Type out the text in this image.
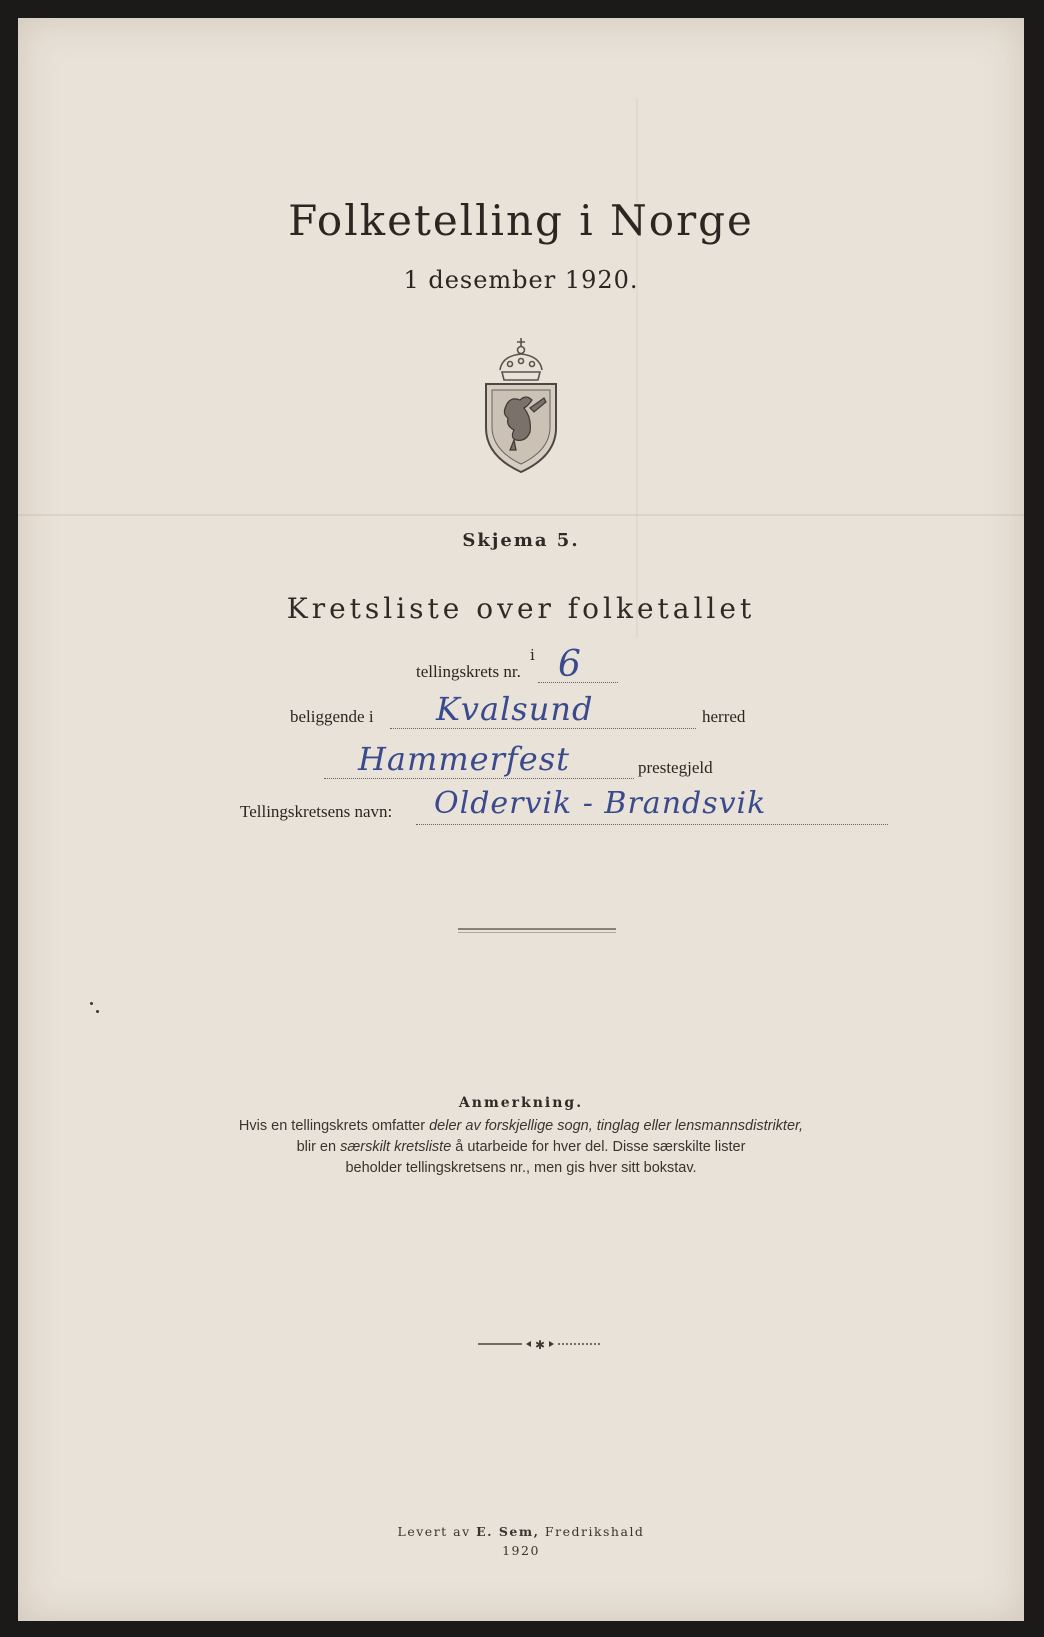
Folketelling i Norge
1 desember 1920.
Skjema 5.
Kretsliste over folketallet
i
tellingskrets nr. 6
beliggende i Kvalsund	herred
Hammerfest	prestegjeld
Tellingskretsens navn: Oldervik - Brandsvik
Anmerkning.
Hvis en tellingskrets omfatter deler av forskjellige sogn, tinglag eller lensmannsdistrikter,
blir en særskilt kretsliste å utarbeide for hver del. Disse særskilte lister
beholder tellingskretsens nr., men gis hver sitt bokstav.
✱
Levert av E. Sem, Fredrikshald
1920
